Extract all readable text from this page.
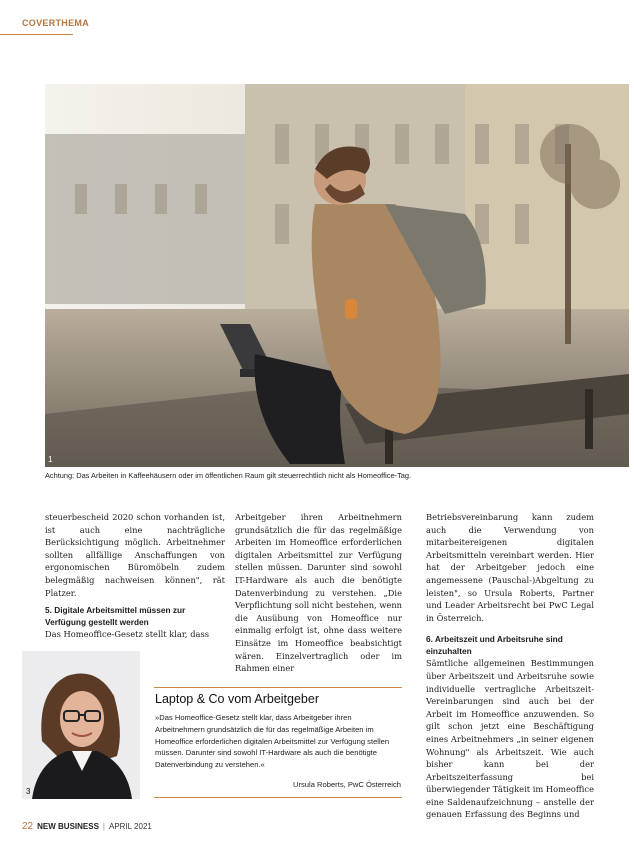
COVERTHEMA
1
Achtung: Das Arbeiten in Kaffeehäusern oder im öffentlichen Raum gilt steuerrechtlich nicht als Homeoffice-Tag.

steuerbescheid 2020 schon vorhanden ist, ist auch eine nachträgliche Berücksichtigung möglich. Arbeitnehmer sollten allfällige Anschaffungen von ergonomischen Büromöbeln zudem belegmäßig nachweisen können", rät Platzer.

5. Digitale Arbeitsmittel müssen zur Verfügung gestellt werden

Das Homeoffice-Gesetz stellt klar, dass

Arbeitgeber ihren Arbeitnehmern grundsätzlich die für das regelmäßige Arbeiten im Homeoffice erforderlichen digitalen Arbeitsmittel zur Verfügung stellen müssen. Darunter sind sowohl IT-Hardware als auch die benötigte Datenverbindung zu verstehen. „Die Verpflichtung soll nicht bestehen, wenn die Ausübung von Homeoffice nur einmalig erfolgt ist, ohne dass weitere Einsätze im Homeoffice beabsichtigt wären. Einzelvertraglich oder im Rahmen einer

Betriebsvereinbarung kann zudem auch die Verwendung von mitarbeitereigenen digitalen Arbeitsmitteln vereinbart werden. Hier hat der Arbeitgeber jedoch eine angemessene (Pauschal-)Abgeltung zu leisten", so Ursula Roberts, Partner und Leader Arbeitsrecht bei PwC Legal in Österreich.

6. Arbeitszeit und Arbeitsruhe sind einzuhalten

Sämtliche allgemeinen Bestimmungen über Arbeitszeit und Arbeitsruhe sowie individuelle vertragliche Arbeitszeit-Vereinbarungen sind auch bei der Arbeit im Homeoffice anzuwenden. So gilt schon jetzt eine Beschäftigung eines Arbeitnehmers „in seiner eigenen Wohnung" als Arbeitszeit. Wie auch bisher kann bei der Arbeitszeiterfassung bei überwiegender Tätigkeit im Homeoffice eine Saldenaufzeichnung – anstelle der genauen Erfassung des Beginns und

3
Laptop & Co vom Arbeitgeber
»Das Homeoffice-Gesetz stellt klar, dass Arbeitgeber ihren Arbeitnehmern grundsätzlich die für das regelmäßige Arbeiten im Homeoffice erforderlichen digitalen Arbeitsmittel zur Verfügung stellen müssen. Darunter sind sowohl IT-Hardware als auch die benötigte Datenverbindung zu verstehen.«
Ursula Roberts, PwC Österreich
22 NEW BUSINESS | APRIL 2021
